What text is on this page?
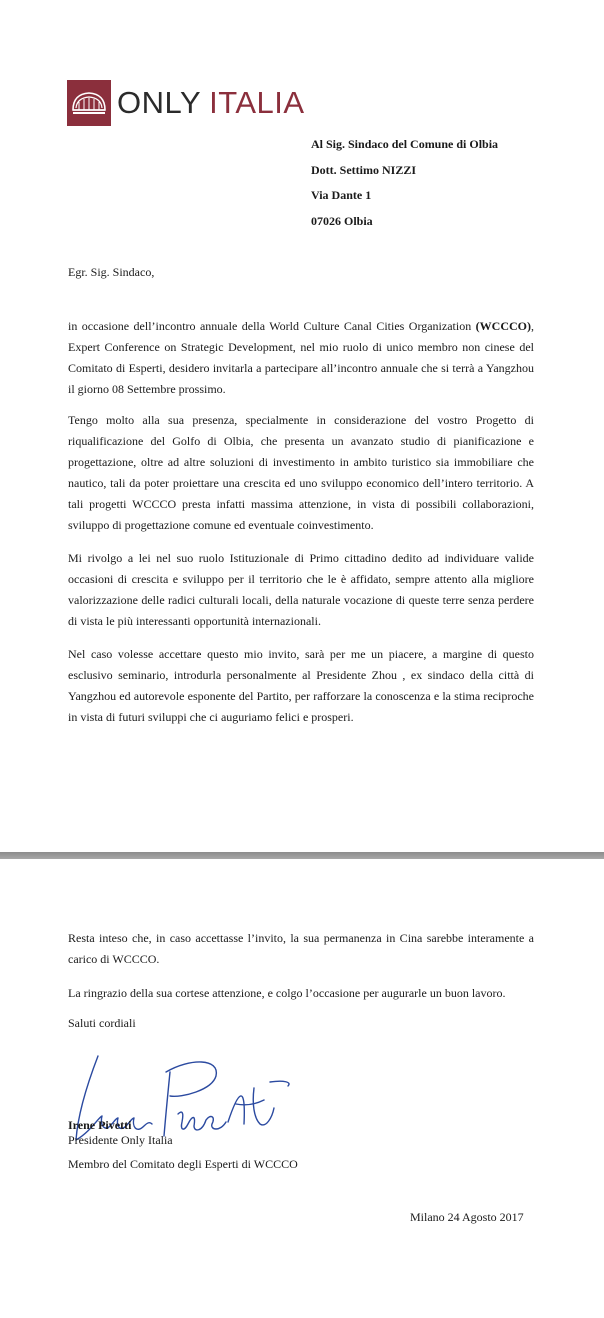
ONLY ITALIA
Al Sig. Sindaco del Comune di Olbia
Dott. Settimo NIZZI
Via Dante 1
07026 Olbia
Egr. Sig. Sindaco,
in occasione dell’incontro annuale della World Culture Canal Cities Organization (WCCCO), Expert Conference on Strategic Development, nel mio ruolo di unico membro non cinese del Comitato di Esperti, desidero invitarla a partecipare all’incontro annuale che si terrà a Yangzhou il giorno 08 Settembre prossimo.
Tengo molto alla sua presenza, specialmente in considerazione del vostro Progetto di riqualificazione del Golfo di Olbia, che presenta un avanzato studio di pianificazione e progettazione, oltre ad altre soluzioni di investimento in ambito turistico sia immobiliare che nautico, tali da poter proiettare una crescita ed uno sviluppo economico dell’intero territorio. A tali progetti WCCCO presta infatti massima attenzione, in vista di possibili collaborazioni, sviluppo di progettazione comune ed eventuale coinvestimento.
Mi rivolgo a lei nel suo ruolo Istituzionale di Primo cittadino dedito ad individuare valide occasioni di crescita e sviluppo per il territorio che le è affidato, sempre attento alla migliore valorizzazione delle radici culturali locali, della naturale vocazione di queste terre senza perdere di vista le più interessanti opportunità internazionali.
Nel caso volesse accettare questo mio invito, sarà per me un piacere, a margine di questo esclusivo seminario, introdurla personalmente al Presidente Zhou , ex sindaco della città di Yangzhou ed autorevole esponente del Partito, per rafforzare la conoscenza e la stima reciproche in vista di futuri sviluppi che ci auguriamo felici e prosperi.
Resta inteso che, in caso accettasse l’invito, la sua permanenza in Cina sarebbe interamente a carico di WCCCO.
La ringrazio della sua cortese attenzione, e colgo l’occasione per augurarle un buon lavoro.
Saluti cordiali
Irene Pivetti
Presidente Only Italia
Membro del Comitato degli Esperti di WCCCO
Milano 24 Agosto 2017
